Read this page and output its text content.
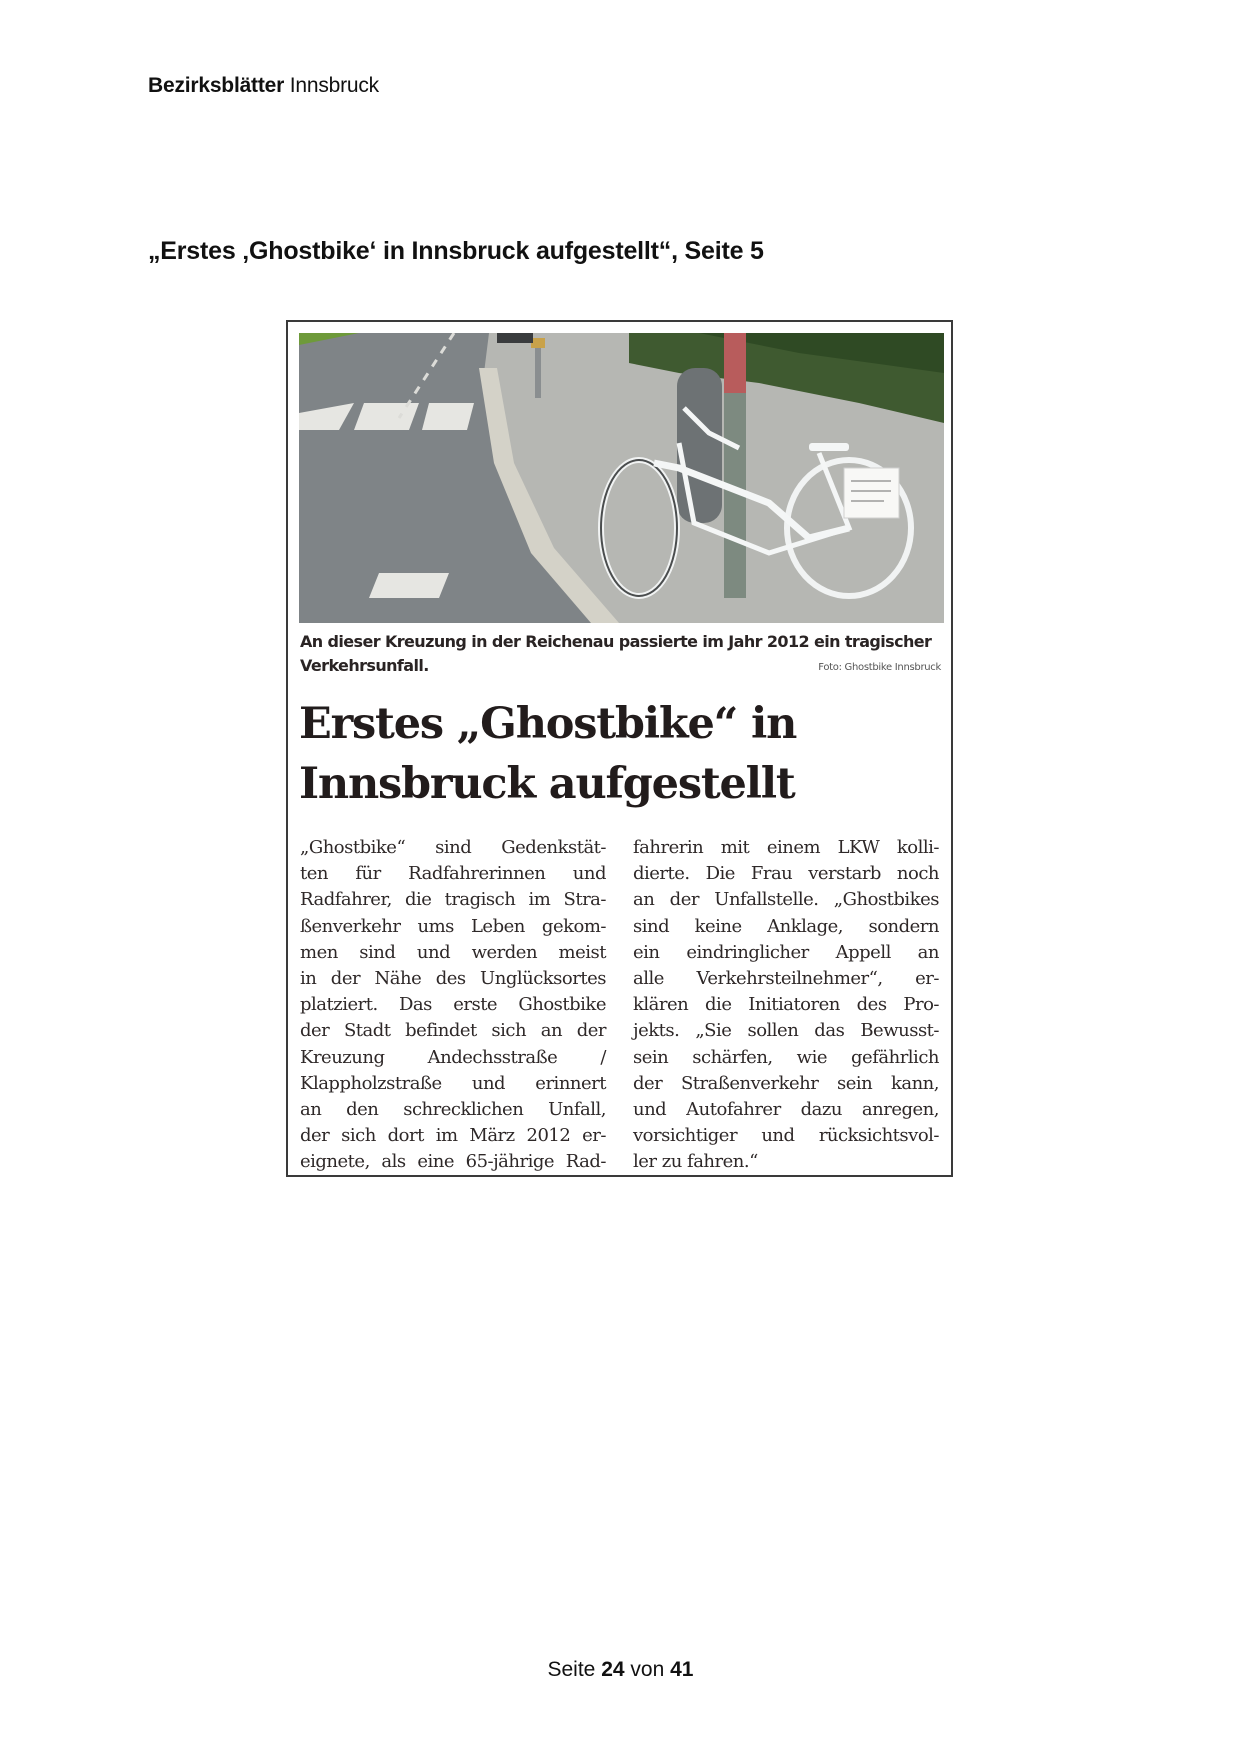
Bezirksblätter Innsbruck
„Erstes ‚Ghostbike‘ in Innsbruck aufgestellt“, Seite 5
An dieser Kreuzung in der Reichenau passierte im Jahr 2012 ein tragischer
Verkehrsunfall.	Foto: Ghostbike Innsbruck
Erstes „Ghostbike“ in
Innsbruck aufgestellt
„Ghostbike“ sind Gedenkstät-
ten für Radfahrerinnen und
Radfahrer, die tragisch im Stra-
ßenverkehr ums Leben gekom-
men sind und werden meist
in der Nähe des Unglücksortes
platziert. Das erste Ghostbike
der Stadt befindet sich an der
Kreuzung Andechsstraße /
Klappholzstraße und erinnert
an den schrecklichen Unfall,
der sich dort im März 2012 er-
eignete, als eine 65-jährige Rad-
fahrerin mit einem LKW kolli-
dierte. Die Frau verstarb noch
an der Unfallstelle. „Ghostbikes
sind keine Anklage, sondern
ein eindringlicher Appell an
alle Verkehrsteilnehmer“, er-
klären die Initiatoren des Pro-
jekts. „Sie sollen das Bewusst-
sein schärfen, wie gefährlich
der Straßenverkehr sein kann,
und Autofahrer dazu anregen,
vorsichtiger und rücksichtsvol-
ler zu fahren.“
Seite 24 von 41
